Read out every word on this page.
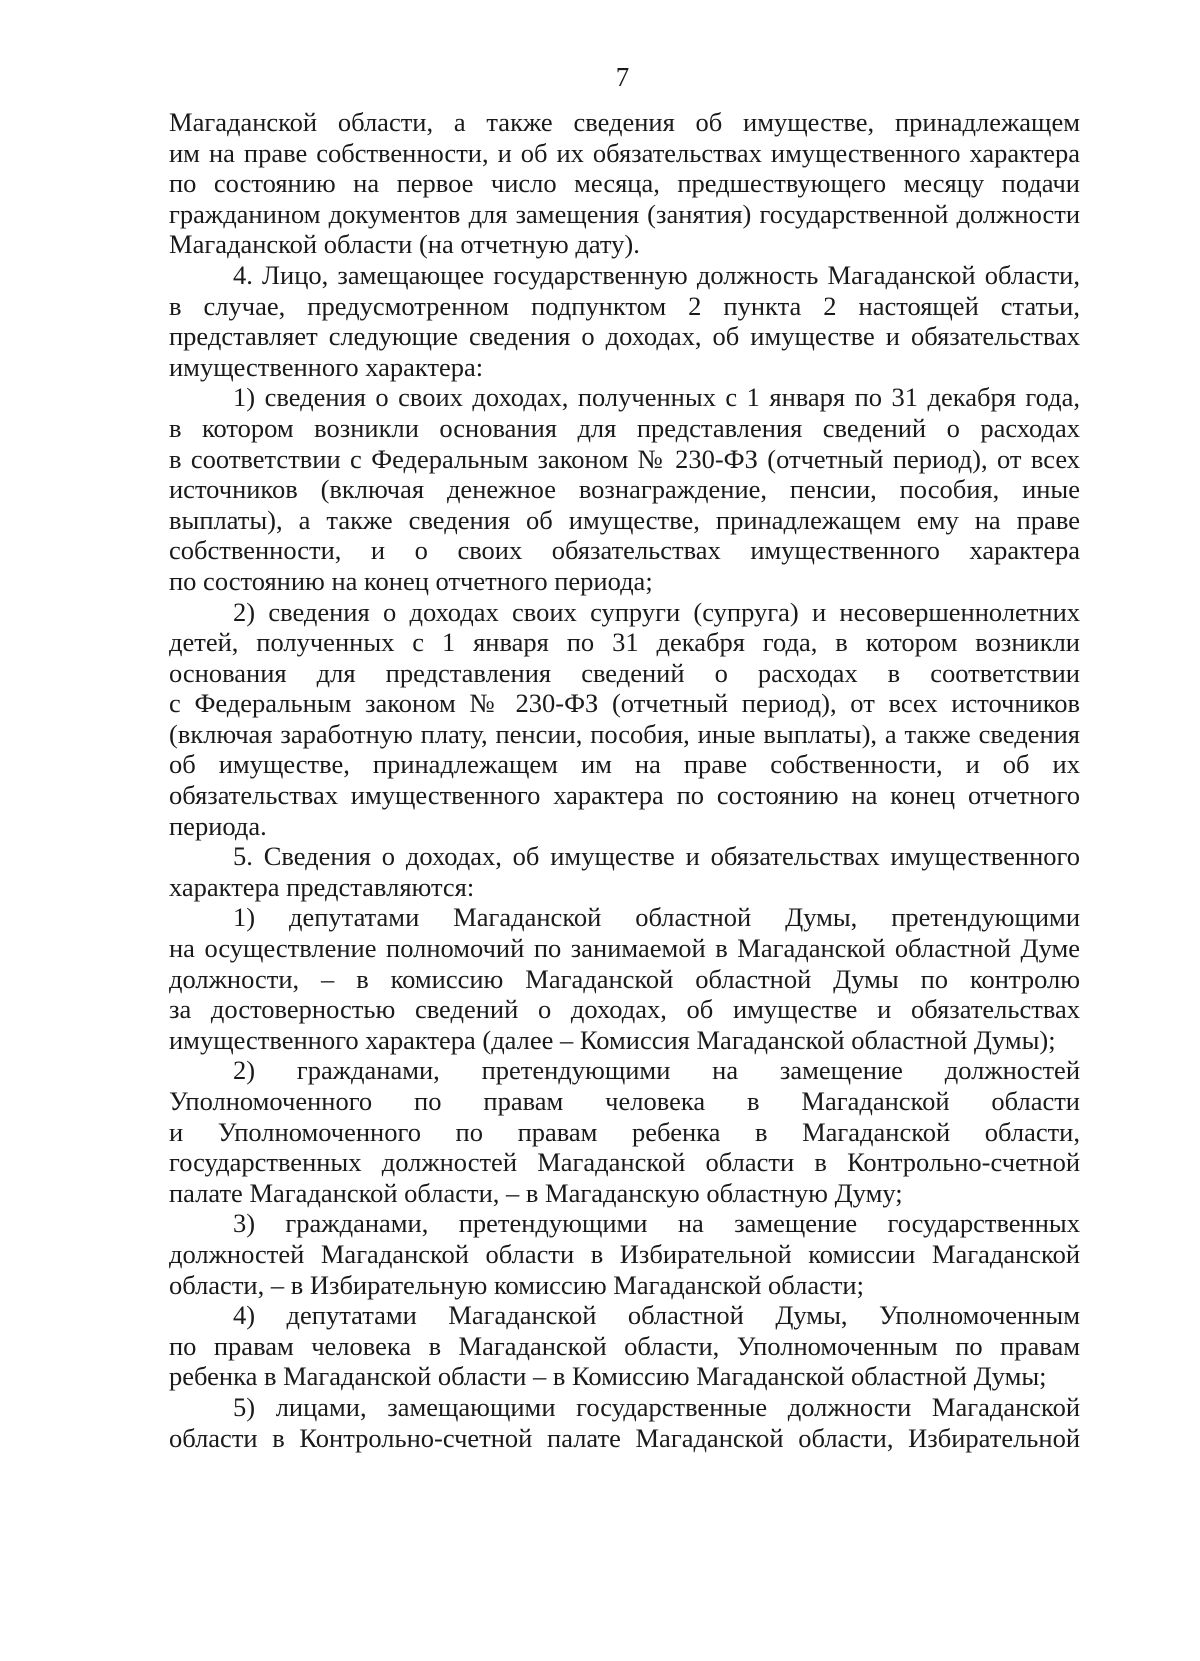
7
Магаданской области, а также сведения об имуществе, принадлежащем
им на праве собственности, и об их обязательствах имущественного характера
по состоянию на первое число месяца, предшествующего месяцу подачи
гражданином документов для замещения (занятия) государственной должности
Магаданской области (на отчетную дату).
4. Лицо, замещающее государственную должность Магаданской области,
в случае, предусмотренном подпунктом 2 пункта 2 настоящей статьи,
представляет следующие сведения о доходах, об имуществе и обязательствах
имущественного характера:
1) сведения о своих доходах, полученных с 1 января по 31 декабря года,
в котором возникли основания для представления сведений о расходах
в соответствии с Федеральным законом № 230-ФЗ (отчетный период), от всех
источников (включая денежное вознаграждение, пенсии, пособия, иные
выплаты), а также сведения об имуществе, принадлежащем ему на праве
собственности, и о своих обязательствах имущественного характера
по состоянию на конец отчетного периода;
2) сведения о доходах своих супруги (супруга) и несовершеннолетних
детей, полученных с 1 января по 31 декабря года, в котором возникли
основания для представления сведений о расходах в соответствии
с Федеральным законом № 230-ФЗ (отчетный период), от всех источников
(включая заработную плату, пенсии, пособия, иные выплаты), а также сведения
об имуществе, принадлежащем им на праве собственности, и об их
обязательствах имущественного характера по состоянию на конец отчетного
периода.
5. Сведения о доходах, об имуществе и обязательствах имущественного
характера представляются:
1) депутатами Магаданской областной Думы, претендующими
на осуществление полномочий по занимаемой в Магаданской областной Думе
должности, – в комиссию Магаданской областной Думы по контролю
за достоверностью сведений о доходах, об имуществе и обязательствах
имущественного характера (далее – Комиссия Магаданской областной Думы);
2) гражданами, претендующими на замещение должностей
Уполномоченного по правам человека в Магаданской области
и Уполномоченного по правам ребенка в Магаданской области,
государственных должностей Магаданской области в Контрольно-счетной
палате Магаданской области, – в Магаданскую областную Думу;
3) гражданами, претендующими на замещение государственных
должностей Магаданской области в Избирательной комиссии Магаданской
области, – в Избирательную комиссию Магаданской области;
4) депутатами Магаданской областной Думы, Уполномоченным
по правам человека в Магаданской области, Уполномоченным по правам
ребенка в Магаданской области – в Комиссию Магаданской областной Думы;
5) лицами, замещающими государственные должности Магаданской
области в Контрольно-счетной палате Магаданской области, Избирательной
